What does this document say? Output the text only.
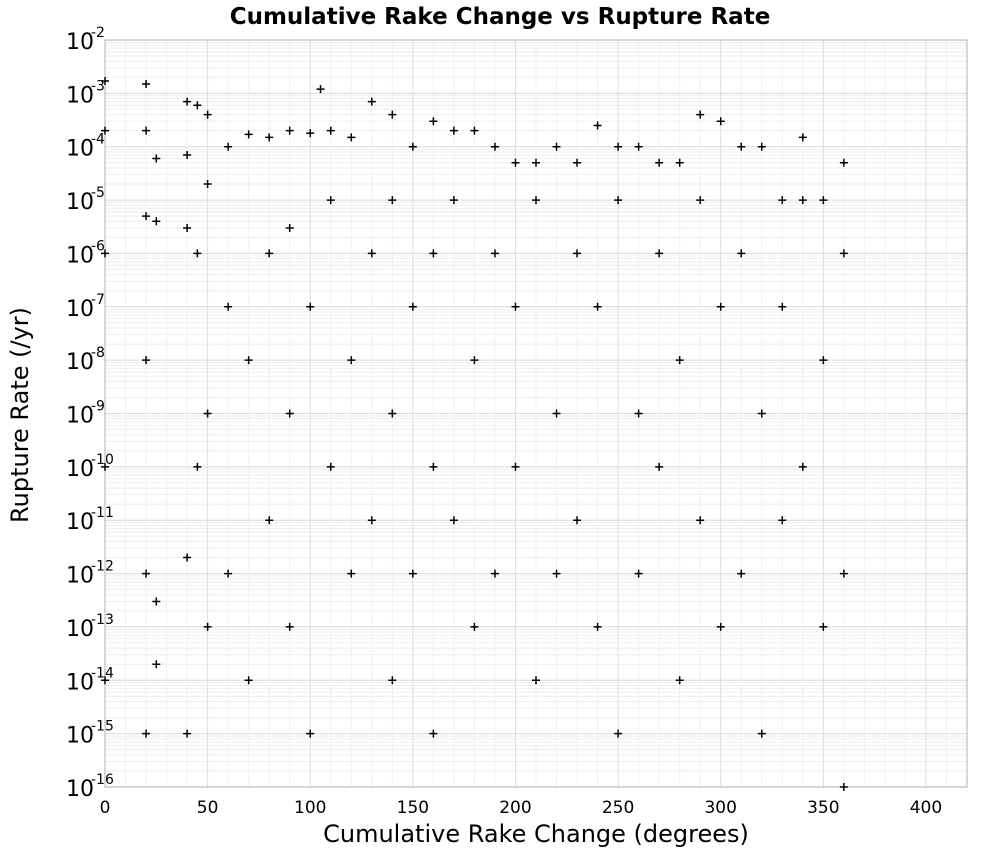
0	50	100	150	200	250	300	350	400
10
-16
10
-15
10
-14
10
-13
10
-12
10
-11
10
-10
10
-9
10
-8
10
-7
10
-6
10
-5
10
-4
10
-3
10
-2
Cumulative Rake Change vs Rupture Rate
Cumulative Rake Change (degrees)
Rupture Rate (/yr)
